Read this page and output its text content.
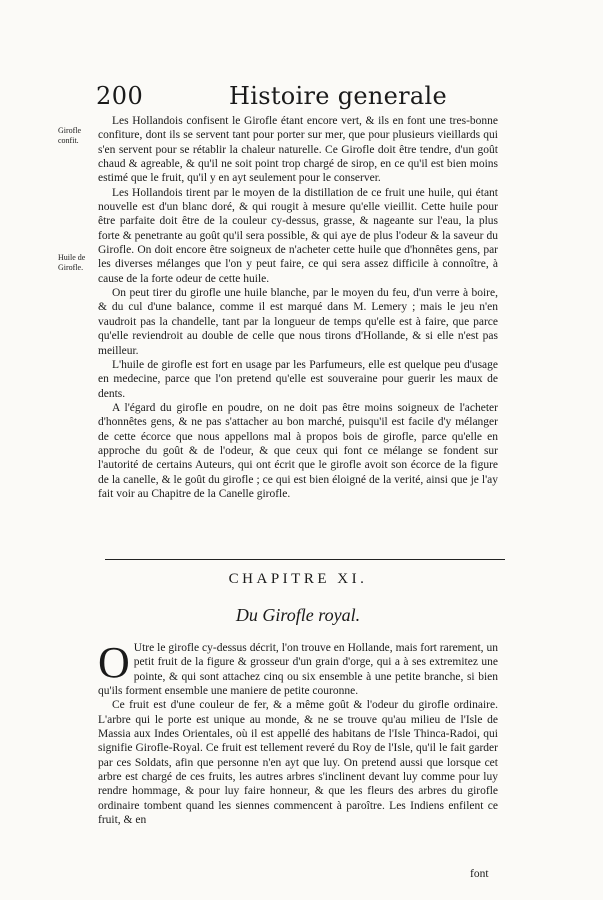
200	Histoire generale
Girofle confit.
Huile de Girofle.

Les Hollandois confisent le Girofle étant encore vert, & ils en font une tres-bonne confiture, dont ils se servent tant pour porter sur mer, que pour plusieurs vieillards qui s'en servent pour se rétablir la chaleur naturelle. Ce Girofle doit être tendre, d'un goût chaud & agreable, & qu'il ne soit point trop chargé de sirop, en ce qu'il est bien moins estimé que le fruit, qu'il y en ayt seulement pour le conserver.

Les Hollandois tirent par le moyen de la distillation de ce fruit une huile, qui étant nouvelle est d'un blanc doré, & qui rougit à mesure qu'elle vieillit. Cette huile pour être parfaite doit être de la couleur cy-dessus, grasse, & nageante sur l'eau, la plus forte & penetrante au goût qu'il sera possible, & qui aye de plus l'odeur & la saveur du Girofle. On doit encore être soigneux de n'acheter cette huile que d'honnêtes gens, par les diverses mélanges que l'on y peut faire, ce qui sera assez difficile à connoître, à cause de la forte odeur de cette huile.

On peut tirer du girofle une huile blanche, par le moyen du feu, d'un verre à boire, & du cul d'une balance, comme il est marqué dans M. Lemery ; mais le jeu n'en vaudroit pas la chandelle, tant par la longueur de temps qu'elle est à faire, que parce qu'elle reviendroit au double de celle que nous tirons d'Hollande, & si elle n'est pas meilleur.

L'huile de girofle est fort en usage par les Parfumeurs, elle est quelque peu d'usage en medecine, parce que l'on pretend qu'elle est souveraine pour guerir les maux de dents.

A l'égard du girofle en poudre, on ne doit pas être moins soigneux de l'acheter d'honnêtes gens, & ne pas s'attacher au bon marché, puisqu'il est facile d'y mélanger de cette écorce que nous appellons mal à propos bois de girofle, parce qu'elle en approche du goût & de l'odeur, & que ceux qui font ce mélange se fondent sur l'autorité de certains Auteurs, qui ont écrit que le girofle avoit son écorce de la figure de la canelle, & le goût du girofle ; ce qui est bien éloigné de la verité, ainsi que je l'ay fait voir au Chapitre de la Canelle girofle.

CHAPITRE XI.
Du Girofle royal.

O Utre le girofle cy-dessus décrit, l'on trouve en Hollande, mais fort rarement, un petit fruit de la figure & grosseur d'un grain d'orge, qui a à ses extremitez une pointe, & qui sont attachez cinq ou six ensemble à une petite branche, si bien qu'ils forment ensemble une maniere de petite couronne.

Ce fruit est d'une couleur de fer, & a même goût & l'odeur du girofle ordinaire. L'arbre qui le porte est unique au monde, & ne se trouve qu'au milieu de l'Isle de Massia aux Indes Orientales, où il est appellé des habitans de l'Isle Thinca-Radoi, qui signifie Girofle-Royal. Ce fruit est tellement reveré du Roy de l'Isle, qu'il le fait garder par ces Soldats, afin que personne n'en ayt que luy. On pretend aussi que lorsque cet arbre est chargé de ces fruits, les autres arbres s'inclinent devant luy comme pour luy rendre hommage, & pour luy faire honneur, & que les fleurs des arbres du girofle ordinaire tombent quand les siennes commencent à paroître. Les Indiens enfilent ce fruit, & en

font
